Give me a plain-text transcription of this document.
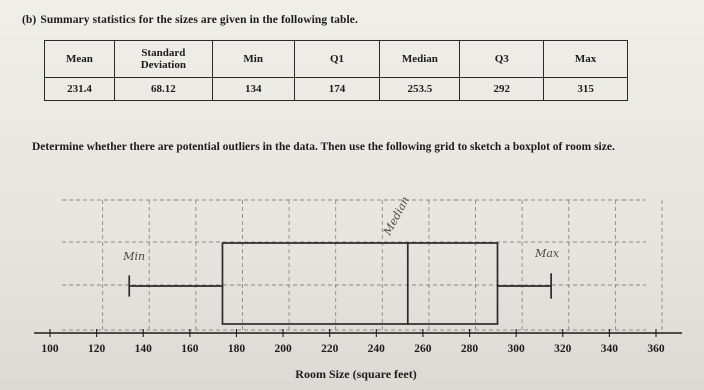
(b) Summary statistics for the sizes are given in the following table.
Mean	Standard Deviation	Min	Q1	Median	Q3	Max
231.4	68.12	134	174	253.5	292	315
Determine whether there are potential outliers in the data. Then use the following grid to sketch a boxplot of room size.
100	120	140	160	180	200	220	240	260	280	300	320	340	360
Min
Median
Max
Room Size (square feet)
